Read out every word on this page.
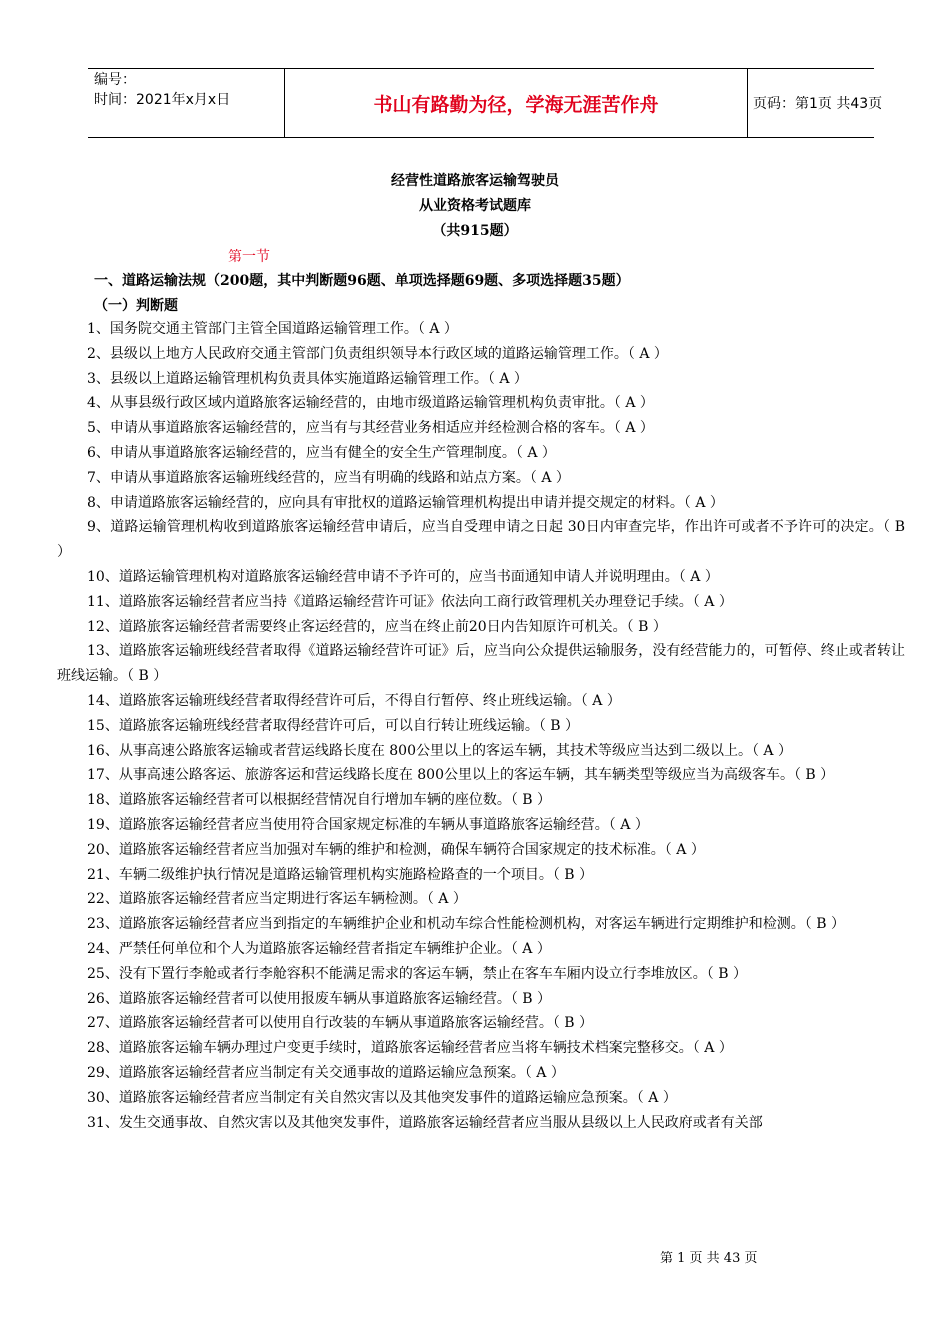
编号：
时间：2021年x月x日	书山有路勤为径，学海无涯苦作舟	页码：第1页 共43页
经营性道路旅客运输驾驶员
从业资格考试题库
（共915题）
第一节
一、道路运输法规（200题，其中判断题96题、单项选择题69题、多项选择题35题）
（一）判断题

1、国务院交通主管部门主管全国道路运输管理工作。（ A ）

2、县级以上地方人民政府交通主管部门负责组织领导本行政区域的道路运输管理工作。（ A ）

3、县级以上道路运输管理机构负责具体实施道路运输管理工作。（ A ）

4、从事县级行政区域内道路旅客运输经营的，由地市级道路运输管理机构负责审批。（ A ）

5、申请从事道路旅客运输经营的，应当有与其经营业务相适应并经检测合格的客车。（ A ）

6、申请从事道路旅客运输经营的，应当有健全的安全生产管理制度。（ A ）

7、申请从事道路旅客运输班线经营的，应当有明确的线路和站点方案。（ A ）

8、申请道路旅客运输经营的，应向具有审批权的道路运输管理机构提出申请并提交规定的材料。（ A ）

9、道路运输管理机构收到道路旅客运输经营申请后，应当自受理申请之日起 30日内审查完毕，作出许可或者不予许可的决定。（ B ）

10、道路运输管理机构对道路旅客运输经营申请不予许可的，应当书面通知申请人并说明理由。（ A ）

11、道路旅客运输经营者应当持《道路运输经营许可证》依法向工商行政管理机关办理登记手续。（ A ）

12、道路旅客运输经营者需要终止客运经营的，应当在终止前20日内告知原许可机关。（ B ）

13、道路旅客运输班线经营者取得《道路运输经营许可证》后，应当向公众提供运输服务，没有经营能力的，可暂停、终止或者转让班线运输。（ B ）

14、道路旅客运输班线经营者取得经营许可后，不得自行暂停、终止班线运输。（ A ）

15、道路旅客运输班线经营者取得经营许可后，可以自行转让班线运输。（ B ）

16、从事高速公路旅客运输或者营运线路长度在 800公里以上的客运车辆，其技术等级应当达到二级以上。（ A ）

17、从事高速公路客运、旅游客运和营运线路长度在 800公里以上的客运车辆，其车辆类型等级应当为高级客车。（ B ）

18、道路旅客运输经营者可以根据经营情况自行增加车辆的座位数。（ B ）

19、道路旅客运输经营者应当使用符合国家规定标准的车辆从事道路旅客运输经营。（ A ）

20、道路旅客运输经营者应当加强对车辆的维护和检测，确保车辆符合国家规定的技术标准。（ A ）

21、车辆二级维护执行情况是道路运输管理机构实施路检路查的一个项目。（ B ）

22、道路旅客运输经营者应当定期进行客运车辆检测。（ A ）

23、道路旅客运输经营者应当到指定的车辆维护企业和机动车综合性能检测机构，对客运车辆进行定期维护和检测。（ B ）

24、严禁任何单位和个人为道路旅客运输经营者指定车辆维护企业。（ A ）

25、没有下置行李舱或者行李舱容积不能满足需求的客运车辆，禁止在客车车厢内设立行李堆放区。（ B ）

26、道路旅客运输经营者可以使用报废车辆从事道路旅客运输经营。（ B ）

27、道路旅客运输经营者可以使用自行改装的车辆从事道路旅客运输经营。（ B ）

28、道路旅客运输车辆办理过户变更手续时，道路旅客运输经营者应当将车辆技术档案完整移交。（ A ）

29、道路旅客运输经营者应当制定有关交通事故的道路运输应急预案。（ A ）

30、道路旅客运输经营者应当制定有关自然灾害以及其他突发事件的道路运输应急预案。（ A ）

31、发生交通事故、自然灾害以及其他突发事件，道路旅客运输经营者应当服从县级以上人民政府或者有关部

第 1 页 共 43 页
